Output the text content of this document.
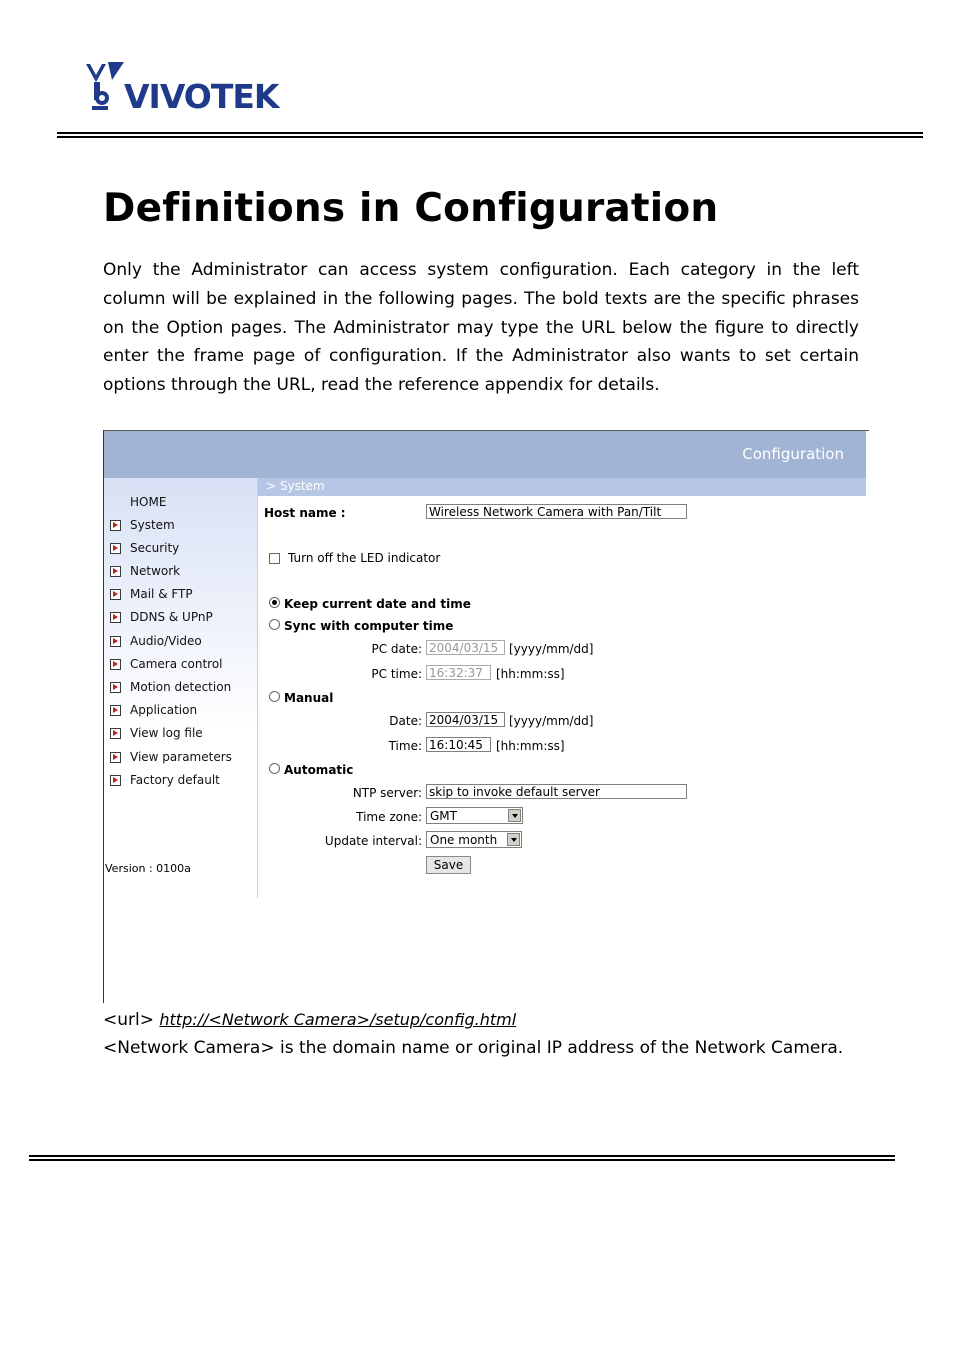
VIVOTEK
Definitions in Configuration

Only the Administrator can access system configuration. Each category in the left column will be explained in the following pages. The bold texts are the specific phrases on the Option pages. The Administrator may type the URL below the figure to directly enter the frame page of configuration. If the Administrator also wants to set certain options through the URL, read the reference appendix for details.

Configuration
HOME
System
Security
Network
Mail & FTP
DDNS & UPnP
Audio/Video
Camera control
Motion detection
Application
View log file
View parameters
Factory default
Version : 0100a
> System
Host name :	Wireless Network Camera with Pan/Tilt
Turn off the LED indicator
Keep current date and time
Sync with computer time
PC date: 2004/03/15 [yyyy/mm/dd]
PC time: 16:32:37	[hh:mm:ss]
Manual
Date: 2004/03/15 [yyyy/mm/dd]
Time: 16:10:45	[hh:mm:ss]
Automatic
NTP server: skip to invoke default server
Time zone: GMT
Update interval: One month
Save
<url> http://<Network Camera>/setup/config.html
<Network Camera> is the domain name or original IP address of the Network Camera.
